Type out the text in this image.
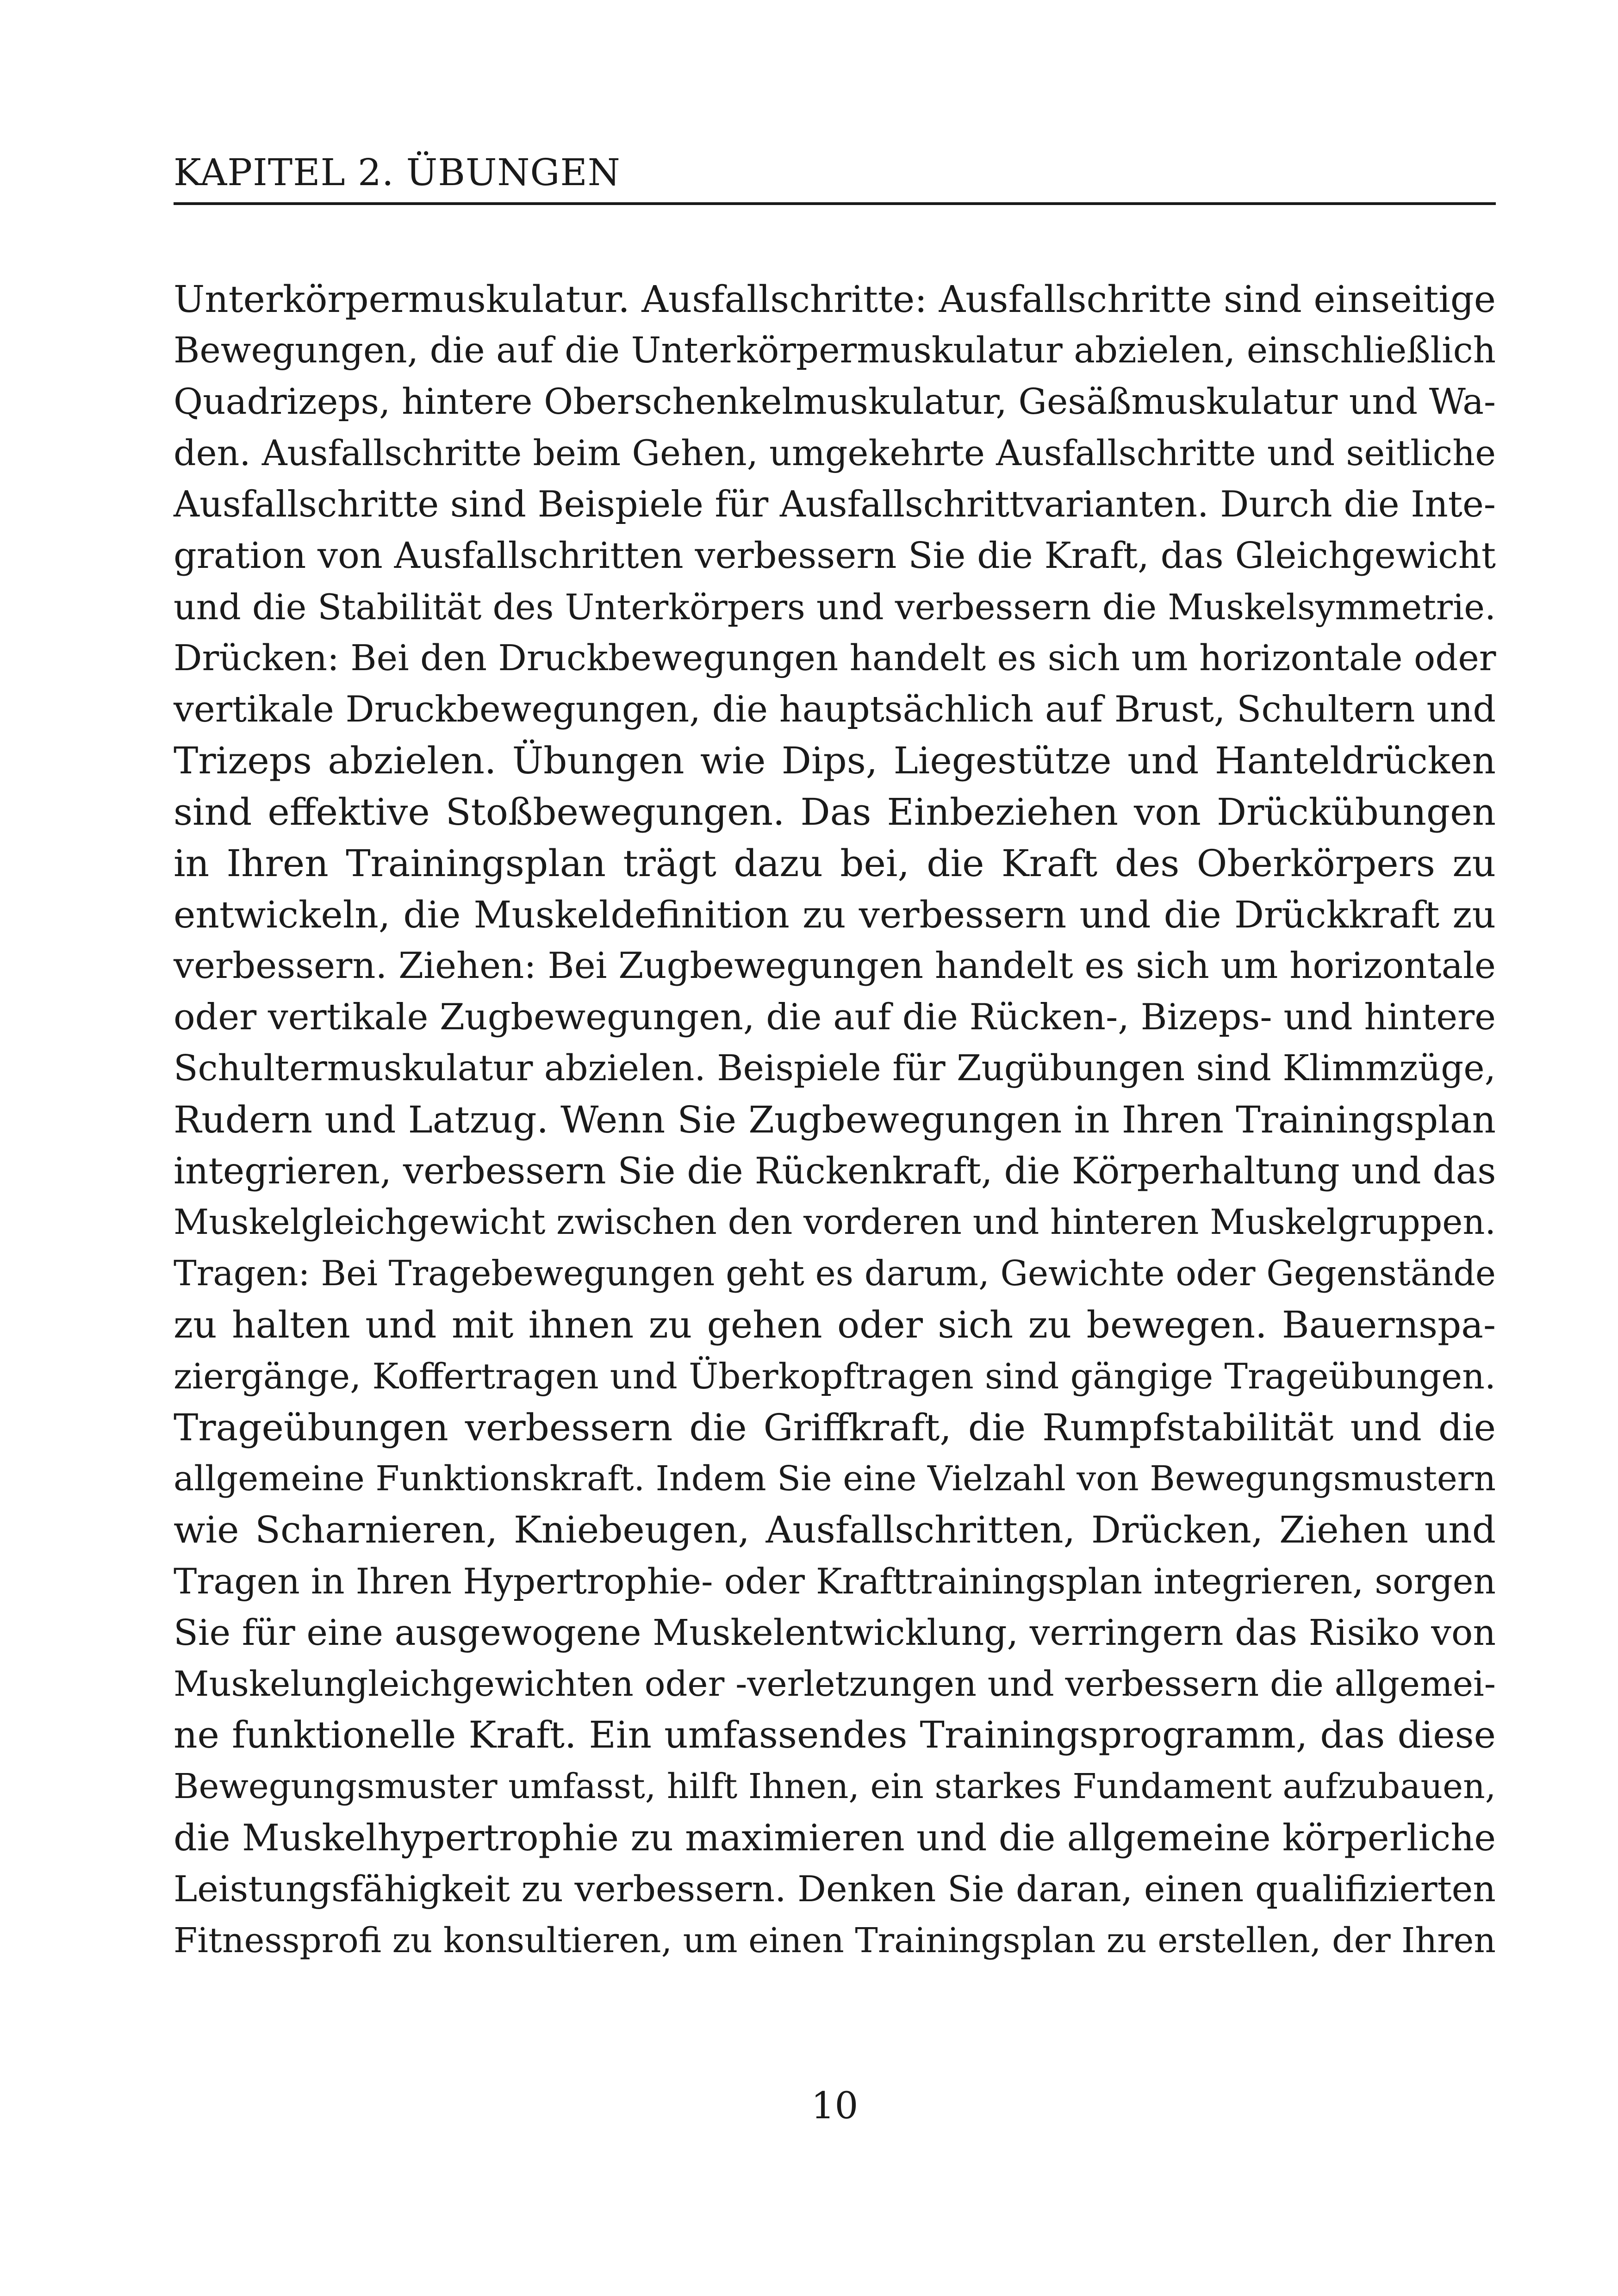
KAPITEL 2. ÜBUNGEN
Unterkörpermuskulatur. Ausfallschritte: Ausfallschritte sind einseitige
Bewegungen, die auf die Unterkörpermuskulatur abzielen, einschließlich
Quadrizeps, hintere Oberschenkelmuskulatur, Gesäßmuskulatur und Wa-
den. Ausfallschritte beim Gehen, umgekehrte Ausfallschritte und seitliche
Ausfallschritte sind Beispiele für Ausfallschrittvarianten. Durch die Inte-
gration von Ausfallschritten verbessern Sie die Kraft, das Gleichgewicht
und die Stabilität des Unterkörpers und verbessern die Muskelsymmetrie.
Drücken: Bei den Druckbewegungen handelt es sich um horizontale oder
vertikale Druckbewegungen, die hauptsächlich auf Brust, Schultern und
Trizeps abzielen. Übungen wie Dips, Liegestütze und Hanteldrücken
sind effektive Stoßbewegungen. Das Einbeziehen von Drückübungen
in Ihren Trainingsplan trägt dazu bei, die Kraft des Oberkörpers zu
entwickeln, die Muskeldefinition zu verbessern und die Drückkraft zu
verbessern. Ziehen: Bei Zugbewegungen handelt es sich um horizontale
oder vertikale Zugbewegungen, die auf die Rücken-, Bizeps- und hintere
Schultermuskulatur abzielen. Beispiele für Zugübungen sind Klimmzüge,
Rudern und Latzug. Wenn Sie Zugbewegungen in Ihren Trainingsplan
integrieren, verbessern Sie die Rückenkraft, die Körperhaltung und das
Muskelgleichgewicht zwischen den vorderen und hinteren Muskelgruppen.
Tragen: Bei Tragebewegungen geht es darum, Gewichte oder Gegenstände
zu halten und mit ihnen zu gehen oder sich zu bewegen. Bauernspa-
ziergänge, Koffertragen und Überkopftragen sind gängige Trageübungen.
Trageübungen verbessern die Griffkraft, die Rumpfstabilität und die
allgemeine Funktionskraft. Indem Sie eine Vielzahl von Bewegungsmustern
wie Scharnieren, Kniebeugen, Ausfallschritten, Drücken, Ziehen und
Tragen in Ihren Hypertrophie- oder Krafttrainingsplan integrieren, sorgen
Sie für eine ausgewogene Muskelentwicklung, verringern das Risiko von
Muskelungleichgewichten oder -verletzungen und verbessern die allgemei-
ne funktionelle Kraft. Ein umfassendes Trainingsprogramm, das diese
Bewegungsmuster umfasst, hilft Ihnen, ein starkes Fundament aufzubauen,
die Muskelhypertrophie zu maximieren und die allgemeine körperliche
Leistungsfähigkeit zu verbessern. Denken Sie daran, einen qualifizierten
Fitnessprofi zu konsultieren, um einen Trainingsplan zu erstellen, der Ihren
10
